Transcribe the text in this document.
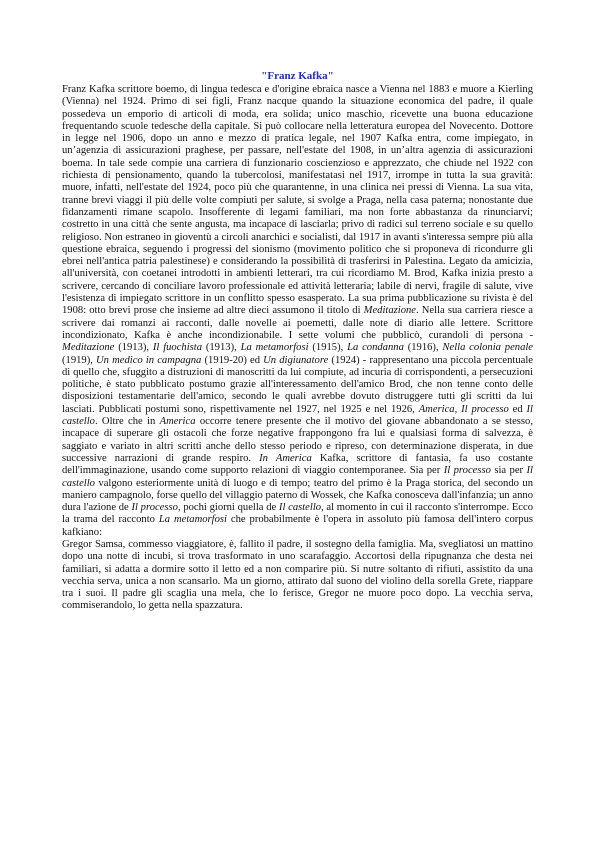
"Franz Kafka"

Franz Kafka scrittore boemo, di lingua tedesca e d'origine ebraica nasce a Vienna nel 1883 e muore a Kierling (Vienna) nel 1924. Primo di sei figli, Franz nacque quando la situazione economica del padre, il quale possedeva un emporio di articoli di moda, era solida; unico maschio, ricevette una buona educazione frequentando scuole tedesche della capitale. Si può collocare nella letteratura europea del Novecento. Dottore in legge nel 1906, dopo un anno e mezzo di pratica legale, nel 1907 Kafka entra, come impiegato, in un’agenzia di assicurazioni praghese, per passare, nell'estate del 1908, in un’altra agenzia di assicurazioni boema. In tale sede compie una carriera di funzionario coscienzioso e apprezzato, che chiude nel 1922 con richiesta di pensionamento, quando la tubercolosi, manifestatasi nel 1917, irrompe in tutta la sua gravità: muore, infatti, nell'estate del 1924, poco più che quarantenne, in una clinica nei pressi di Vienna. La sua vita, tranne brevi viaggi il più delle volte compiuti per salute, si svolge a Praga, nella casa paterna; nonostante due fidanzamenti rimane scapolo. Insofferente di legami familiari, ma non forte abbastanza da rinunciarvi; costretto in una città che sente angusta, ma incapace di lasciarla; privo di radici sul terreno sociale e su quello religioso. Non estraneo in gioventù a circoli anarchici e socialisti, dal 1917 in avanti s'interessa sempre più alla questione ebraica, seguendo i progressi del sionismo (movimento politico che si proponeva di ricondurre gli ebrei nell'antica patria palestinese) e considerando la possibilità di trasferirsi in Palestina. Legato da amicizia, all'università, con coetanei introdotti in ambienti letterari, tra cui ricordiamo M. Brod, Kafka inizia presto a scrivere, cercando di conciliare lavoro professionale ed attività letteraria; labile di nervi, fragile di salute, vive l'esistenza di impiegato scrittore in un conflitto spesso esasperato. La sua prima pubblicazione su rivista è del 1908: otto brevi prose che insieme ad altre dieci assumono il titolo di Meditazione. Nella sua carriera riesce a scrivere dai romanzi ai racconti, dalle novelle ai poemetti, dalle note di diario alle lettere. Scrittore incondizionato, Kafka è anche incondizionabile. I sette volumi che pubblicò, curandoli di persona - Meditazione (1913), Il fuochista (1913), La metamorfosi (1915), La condanna (1916), Nella colonia penale (1919), Un medico in campagna (1919-20) ed Un digiunatore (1924) - rappresentano una piccola percentuale di quello che, sfuggito a distruzioni di manoscritti da lui compiute, ad incuria di corrispondenti, a persecuzioni politiche, è stato pubblicato postumo grazie all'interessamento dell'amico Brod, che non tenne conto delle disposizioni testamentarie dell'amico, secondo le quali avrebbe dovuto distruggere tutti gli scritti da lui lasciati. Pubblicati postumi sono, rispettivamente nel 1927, nel 1925 e nel 1926, America, Il processo ed Il castello. Oltre che in America occorre tenere presente che il motivo del giovane abbandonato a se stesso, incapace di superare gli ostacoli che forze negative frappongono fra lui e qualsiasi forma di salvezza, è saggiato e variato in altri scritti anche dello stesso periodo e ripreso, con determinazione disperata, in due successive narrazioni di grande respiro. In America Kafka, scrittore di fantasia, fa uso costante dell'immaginazione, usando come supporto relazioni di viaggio contemporanee. Sia per Il processo sia per Il castello valgono esteriormente unità di luogo e di tempo; teatro del primo è la Praga storica, del secondo un maniero campagnolo, forse quello del villaggio paterno di Wossek, che Kafka conosceva dall'infanzia; un anno dura l'azione de Il processo, pochi giorni quella de Il castello, al momento in cui il racconto s'interrompe. Ecco la trama del racconto La metamorfosi che probabilmente è l'opera in assoluto più famosa dell'intero corpus kafkiano:

Gregor Samsa, commesso viaggiatore, è, fallito il padre, il sostegno della famiglia. Ma, svegliatosi un mattino dopo una notte di incubi, si trova trasformato in uno scarafaggio. Accortosi della ripugnanza che desta nei familiari, si adatta a dormire sotto il letto ed a non comparire più. Si nutre soltanto di rifiuti, assistito da una vecchia serva, unica a non scansarlo. Ma un giorno, attirato dal suono del violino della sorella Grete, riappare tra i suoi. Il padre gli scaglia una mela, che lo ferisce, Gregor ne muore poco dopo. La vecchia serva, commiserandolo, lo getta nella spazzatura.
